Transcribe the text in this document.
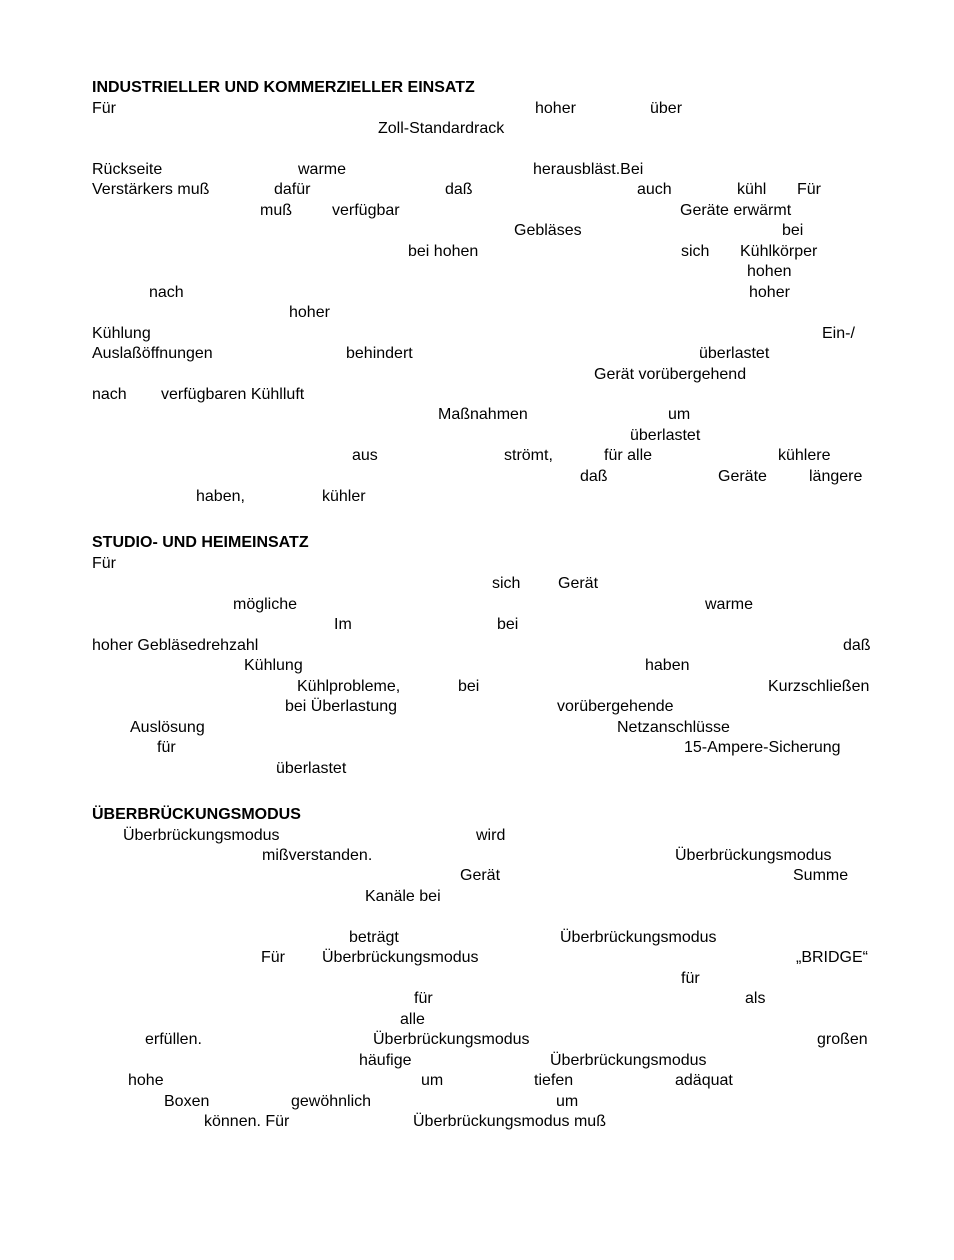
INDUSTRIELLER UND KOMMERZIELLER EINSATZ
Für	hoher	über
Zoll-Standardrack
Rückseite	warme	herausbläst.Bei
Verstärkers muß	dafür	daß	auch	kühl Für
muß	verfügbar	Geräte erwärmt
Gebläses	bei
bei hohen	sich Kühlkörper
hohen
nach	hoher
hoher
Kühlung	Ein-/
Auslaßöffnungen	behindert	überlastet
Gerät vorübergehend
nach verfügbaren Kühlluft
Maßnahmen	um
überlastet
aus	strömt,	für alle	kühlere
daß	Geräte	längere
haben,	kühler
STUDIO- UND HEIMEINSATZ
Für
sich Gerät
mögliche	warme
Im	bei
hoher Gebläsedrehzahl	daß
Kühlung	haben
Kühlprobleme,	bei	Kurzschließen
bei Überlastung	vorübergehende
Auslösung	Netzanschlüsse
für	15-Ampere-Sicherung
überlastet
ÜBERBRÜCKUNGSMODUS
Überbrückungsmodus	wird
mißverstanden.	Überbrückungsmodus
Gerät	Summe
Kanäle bei
beträgt	Überbrückungsmodus
Für Überbrückungsmodus	„BRIDGE“
für
für	als
alle
erfüllen.	Überbrückungsmodus	großen
häufige	Überbrückungsmodus
hohe	um	tiefen	adäquat
Boxen	gewöhnlich	um
können. Für	Überbrückungsmodus muß
